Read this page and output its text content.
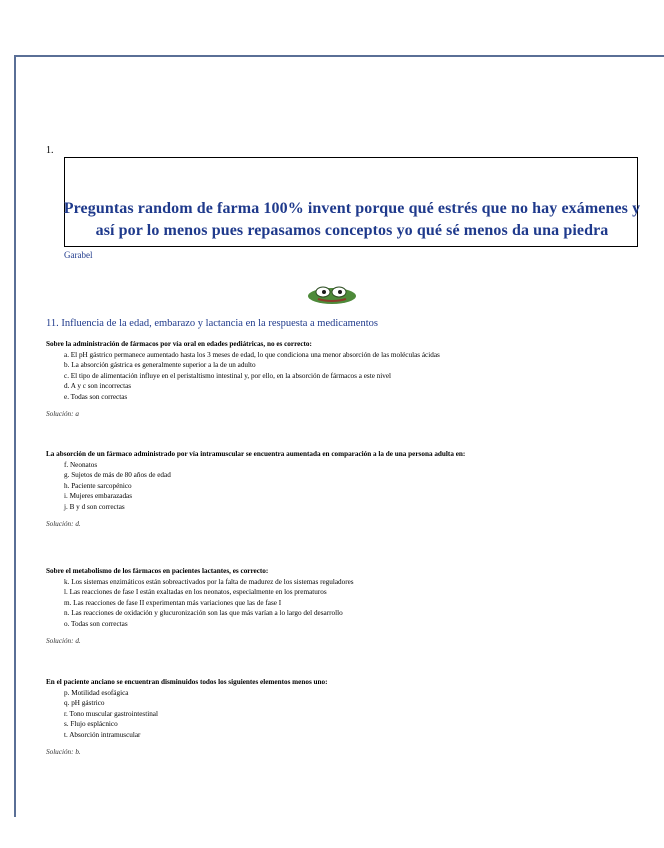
1.
Preguntas random de farma 100% invent porque qué estrés que no hay exámenes y así por lo menos pues repasamos conceptos yo qué sé menos da una piedra
Garabel
11. Influencia de la edad, embarazo y lactancia en la respuesta a medicamentos
Sobre la administración de fármacos por vía oral en edades pediátricas, no es correcto:
a. El pH gástrico permanece aumentado hasta los 3 meses de edad, lo que condiciona una menor absorción de las moléculas ácidas
b. La absorción gástrica es generalmente superior a la de un adulto
c. El tipo de alimentación influye en el peristaltismo intestinal y, por ello, en la absorción de fármacos a este nivel
d. A y c son incorrectas
e. Todas son correctas
Solución: a
La absorción de un fármaco administrado por vía intramuscular se encuentra aumentada en comparación a la de una persona adulta en:
f. Neonatos
g. Sujetos de más de 80 años de edad
h. Paciente sarcopénico
i. Mujeres embarazadas
j. B y d son correctas
Solución: d.
Sobre el metabolismo de los fármacos en pacientes lactantes, es correcto:
k. Los sistemas enzimáticos están sobreactivados por la falta de madurez de los sistemas reguladores
l. Las reacciones de fase I están exaltadas en los neonatos, especialmente en los prematuros
m. Las reacciones de fase II experimentan más variaciones que las de fase I
n. Las reacciones de oxidación y glucuronización son las que más varían a lo largo del desarrollo
o. Todas son correctas
Solución: d.
En el paciente anciano se encuentran disminuidos todos los siguientes elementos menos uno:
p. Motilidad esofágica
q. pH gástrico
r. Tono muscular gastrointestinal
s. Flujo esplácnico
t. Absorción intramuscular
Solución: b.
